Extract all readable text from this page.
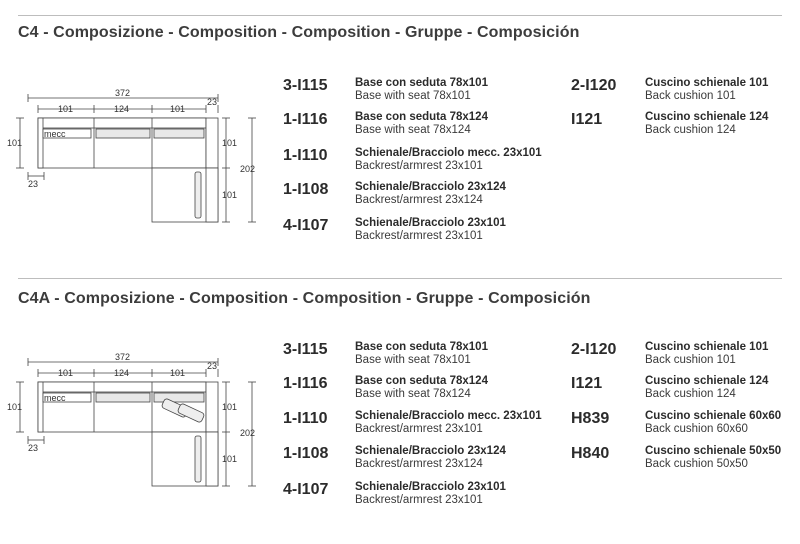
C4 - Composizione - Composition - Composition - Gruppe - Composición
372
101	124	101
23
mecc
101
23
101
101
202
3-I115 Base con seduta 78x101
Base with seat 78x101
1-I116 Base con seduta 78x124
Base with seat 78x124
1-I110 Schienale/Bracciolo mecc. 23x101
Backrest/armrest 23x101
1-I108 Schienale/Bracciolo 23x124
Backrest/armrest 23x124
4-I107 Schienale/Bracciolo 23x101
Backrest/armrest 23x101
2-I120 Cuscino schienale 101
Back cushion 101
I121	Cuscino schienale 124
Back cushion 124
C4A - Composizione - Composition - Composition - Gruppe - Composición
372
101	124	101
23
mecc
101
23
101
101
202
3-I115 Base con seduta 78x101
Base with seat 78x101
1-I116 Base con seduta 78x124
Base with seat 78x124
1-I110 Schienale/Bracciolo mecc. 23x101
Backrest/armrest 23x101
1-I108 Schienale/Bracciolo 23x124
Backrest/armrest 23x124
4-I107 Schienale/Bracciolo 23x101
Backrest/armrest 23x101
2-I120 Cuscino schienale 101
Back cushion 101
I121	Cuscino schienale 124
Back cushion 124
H839	Cuscino schienale 60x60
Back cushion 60x60
H840	Cuscino schienale 50x50
Back cushion 50x50
